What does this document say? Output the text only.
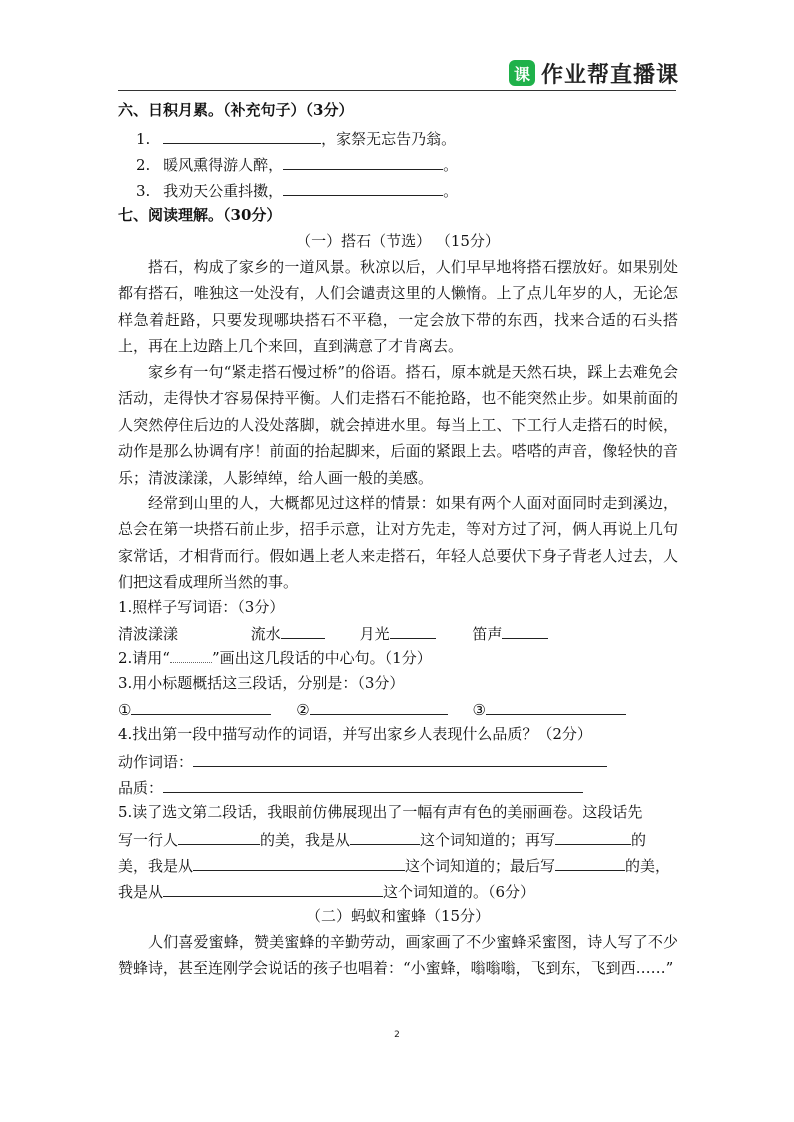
课 作业帮直播课
六、日积月累。（补充句子）（3分）
1.	，家祭无忘告乃翁。
2. 暖风熏得游人醉，	。
3. 我劝天公重抖擞，	。
七、阅读理解。（30分）
（一）搭石（节选） （15分）
搭石，构成了家乡的一道风景。秋凉以后，人们早早地将搭石摆放好。如果别处都有搭石，唯独这一处没有，人们会谴责这里的人懒惰。上了点儿年岁的人，无论怎样急着赶路，只要发现哪块搭石不平稳，一定会放下带的东西，找来合适的石头搭上，再在上边踏上几个来回，直到满意了才肯离去。
家乡有一句“紧走搭石慢过桥”的俗语。搭石，原本就是天然石块，踩上去难免会活动，走得快才容易保持平衡。人们走搭石不能抢路，也不能突然止步。如果前面的人突然停住后边的人没处落脚，就会掉进水里。每当上工、下工行人走搭石的时候，动作是那么协调有序！前面的抬起脚来，后面的紧跟上去。嗒嗒的声音，像轻快的音乐；清波漾漾，人影绰绰，给人画一般的美感。
经常到山里的人，大概都见过这样的情景：如果有两个人面对面同时走到溪边，总会在第一块搭石前止步，招手示意，让对方先走，等对方过了河，俩人再说上几句家常话，才相背而行。假如遇上老人来走搭石，年轻人总要伏下身子背老人过去，人们把这看成理所当然的事。
1.照样子写词语：（3分）
清波漾漾	流水	月光	笛声
2.请用“	”画出这几段话的中心句。（1分）
3.用小标题概括这三段话，分别是：（3分）
①	②	③
4.找出第一段中描写动作的词语，并写出家乡人表现什么品质？（2分）
动作词语：
品质：
5.读了选文第二段话，我眼前仿佛展现出了一幅有声有色的美丽画卷。这段话先
写一行人	的美，我是从	这个词知道的；再写	的
美，我是从	这个词知道的；最后写	的美，
我是从	这个词知道的。（6分）
（二）蚂蚁和蜜蜂（15分）
人们喜爱蜜蜂，赞美蜜蜂的辛勤劳动，画家画了不少蜜蜂采蜜图，诗人写了不少赞蜂诗，甚至连刚学会说话的孩子也唱着：“小蜜蜂，嗡嗡嗡，飞到东，飞到西……”
2
